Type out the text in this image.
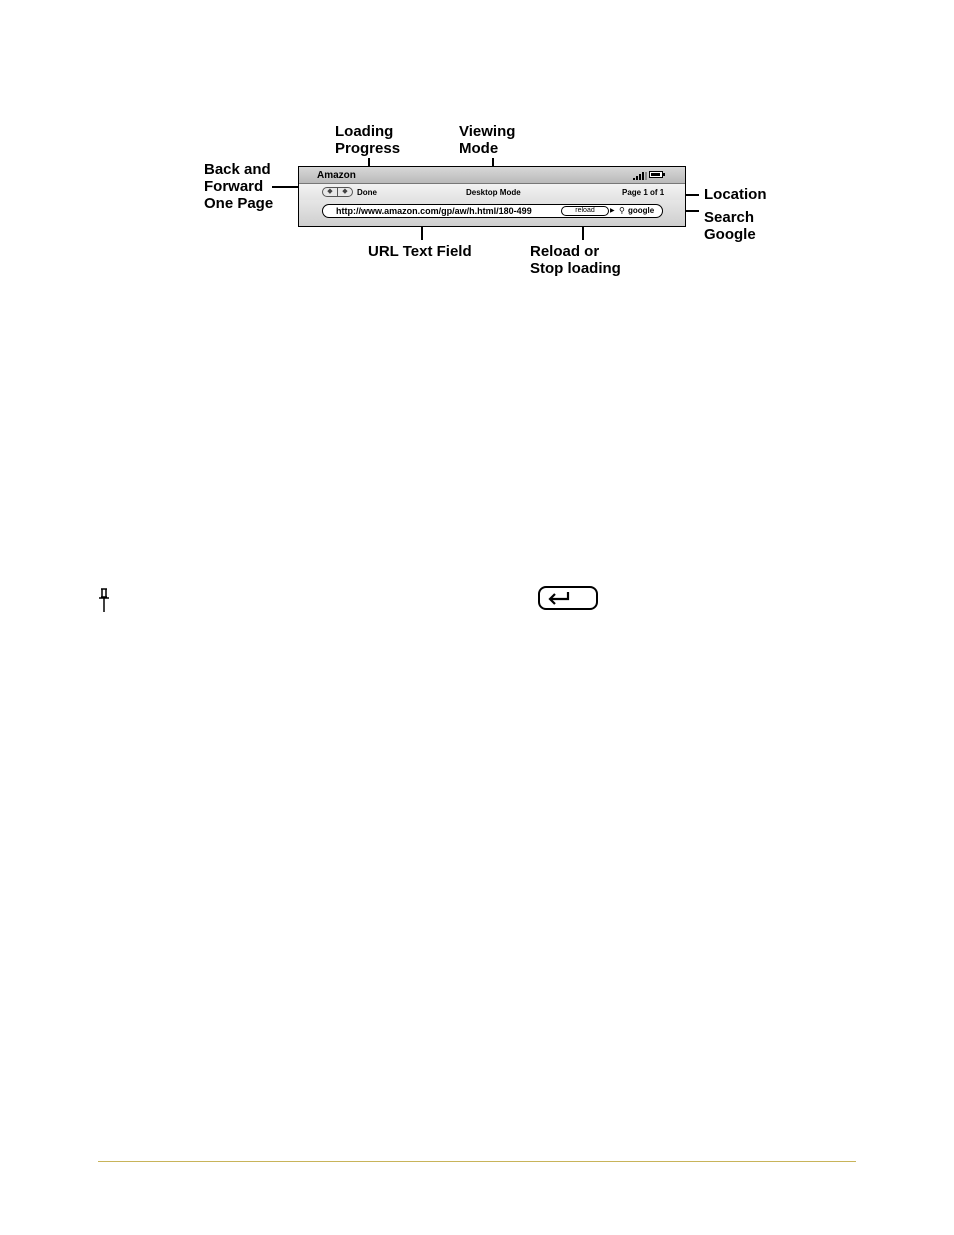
Loading
Progress
Viewing
Mode
Back and
Forward
One Page
Location
Search
Google
URL Text Field	Reload or
Stop loading
Amazon
◆ ◆ Done	Desktop Mode	Page 1 of 1
http://www.amazon.com/gp/aw/h.html/180-499
reload	▶ ⚲ google
